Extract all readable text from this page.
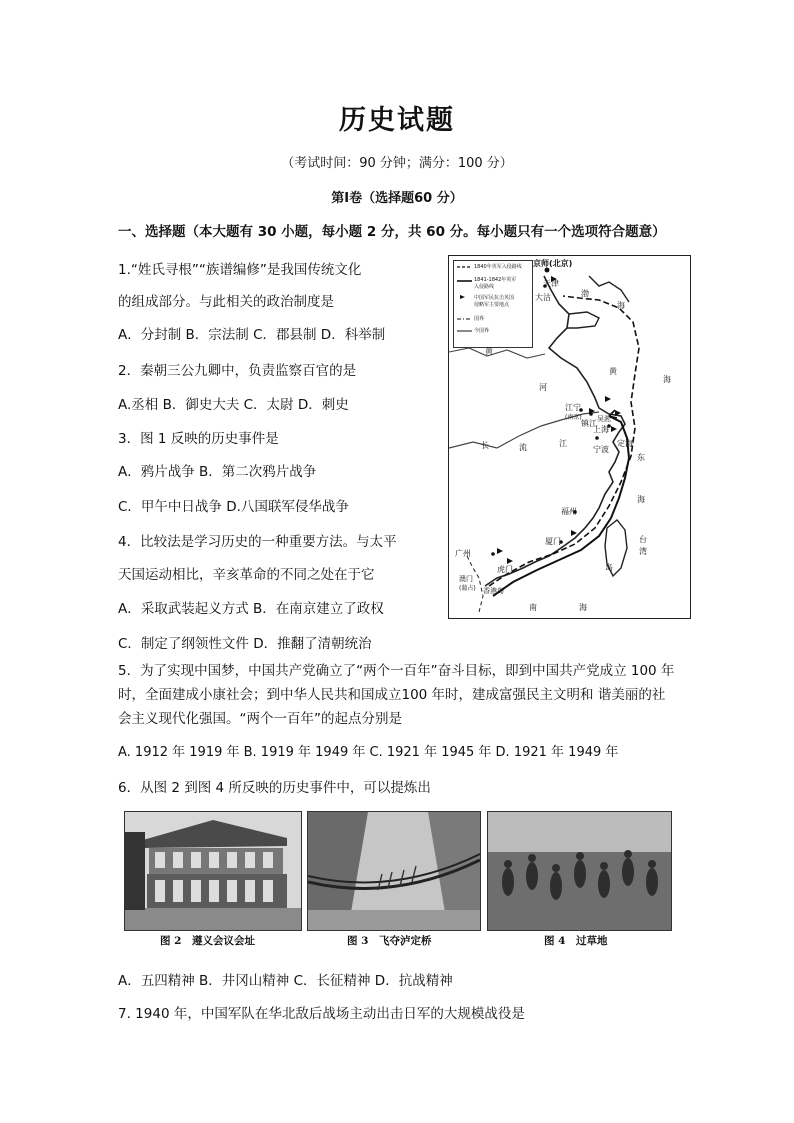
历史试题
（考试时间：90 分钟；满分：100 分）
第Ⅰ卷（选择题60 分）
一、选择题（本大题有 30 小题，每小题 2 分，共 60 分。每小题只有一个选项符合题意）
1.“姓氏寻根”“族谱编修”是我国传统文化
的组成部分。与此相关的政治制度是
A．分封制 B．宗法制 C．郡县制 D．科举制
2．秦朝三公九卿中，负责监察百官的是
A.丞相 B．御史大夫 C．太尉 D．刺史
3．图 1 反映的历史事件是
A．鸦片战争 B．第二次鸦片战争
C．甲午中日战争 D.八国联军侵华战争
4．比较法是学习历史的一种重要方法。与太平
天国运动相比，辛亥革命的不同之处在于它
A．采取武装起义方式 B．在南京建立了政权
C．制定了纲领性文件 D．推翻了清朝统治
1840年英军入侵路线
1841-1842年英军
入侵路线
中国军民抗击英国
侵略军主要地点
国界
今国界
京师(北京)
天津
大沽	渤
海
黄
河
黄
海
江宁
(南京)
镇江 吴淞
上海
定海
宁波
长	江
流
东
海
福州
厦门	台
湾
岛
广州
虎门
澳门
(葡占) 香港岛
南	海
5．为了实现中国梦，中国共产党确立了“两个一百年”奋斗目标，即到中国共产党成立 100 年时，全面建成小康社会；到中华人民共和国成立100 年时，建成富强民主文明和 谐美丽的社会主义现代化强国。“两个一百年”的起点分别是
A. 1912 年 1919 年 B. 1919 年 1949 年 C. 1921 年 1945 年 D. 1921 年 1949 年
6．从图 2 到图 4 所反映的历史事件中，可以提炼出
图 2　遵义会议会址	图 3　飞夺泸定桥	图 4　过草地
A．五四精神 B．井冈山精神 C．长征精神 D．抗战精神
7. 1940 年，中国军队在华北敌后战场主动出击日军的大规模战役是
